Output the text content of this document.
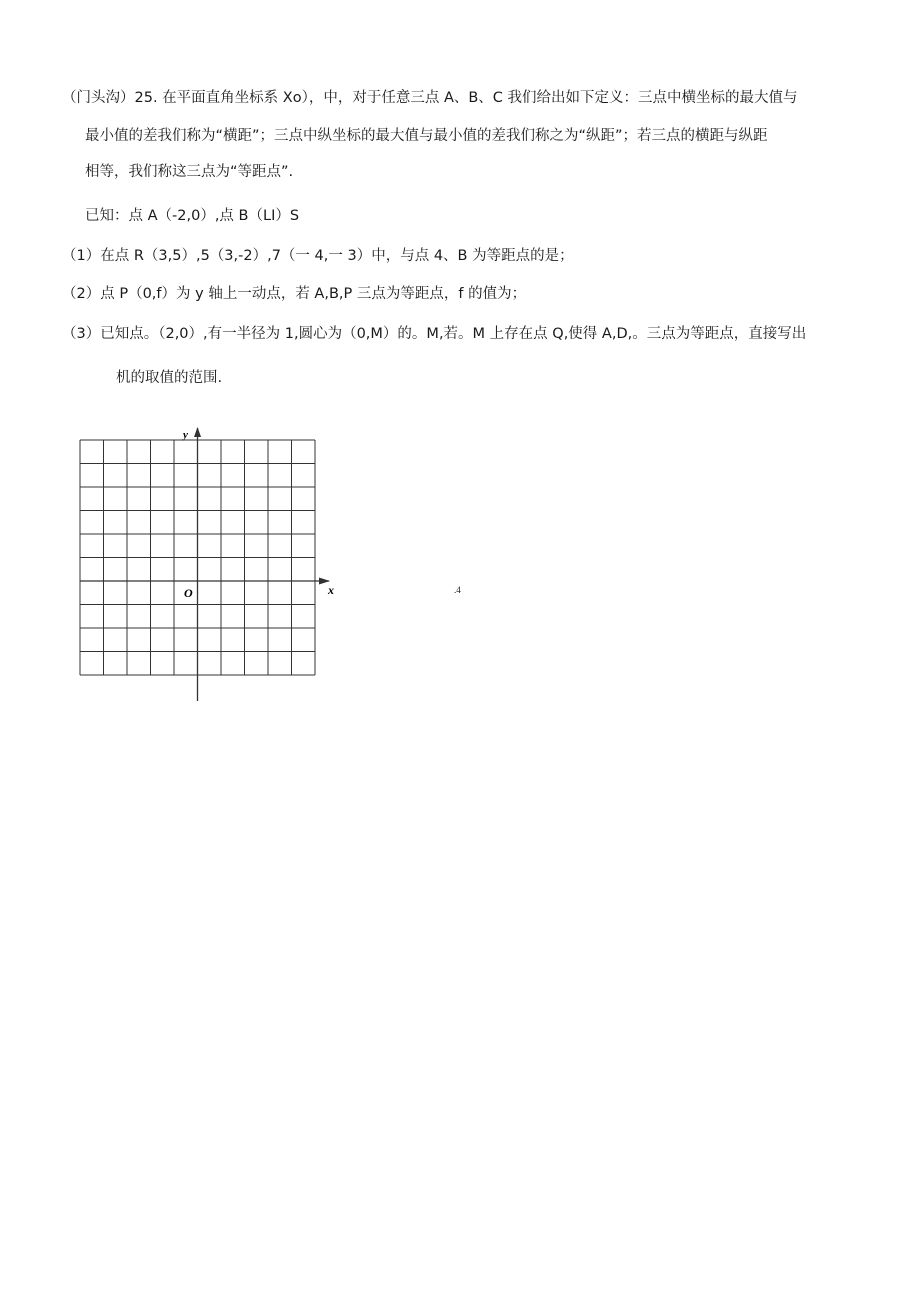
（门头沟）25. 在平面直角坐标系 Xo），中，对于任意三点 A、B、C 我们给出如下定义：三点中横坐标的最大值与
最小值的差我们称为“横距”；三点中纵坐标的最大值与最小值的差我们称之为“纵距”；若三点的横距与纵距
相等，我们称这三点为“等距点”.
已知：点 A（-2,0）,点 B（LI）S
（1）在点 R（3,5）,5（3,-2）,7（一 4,一 3）中，与点 4、B 为等距点的是；
（2）点 P（0,f）为 y 轴上一动点，若 A,B,P 三点为等距点，f 的值为；
（3）已知点。（2,0）,有一半径为 1,圆心为（0,M）的。M,若。M 上存在点 Q,使得 A,D,。三点为等距点，直接写出
机的取值的范围.
y
x
O	.4
